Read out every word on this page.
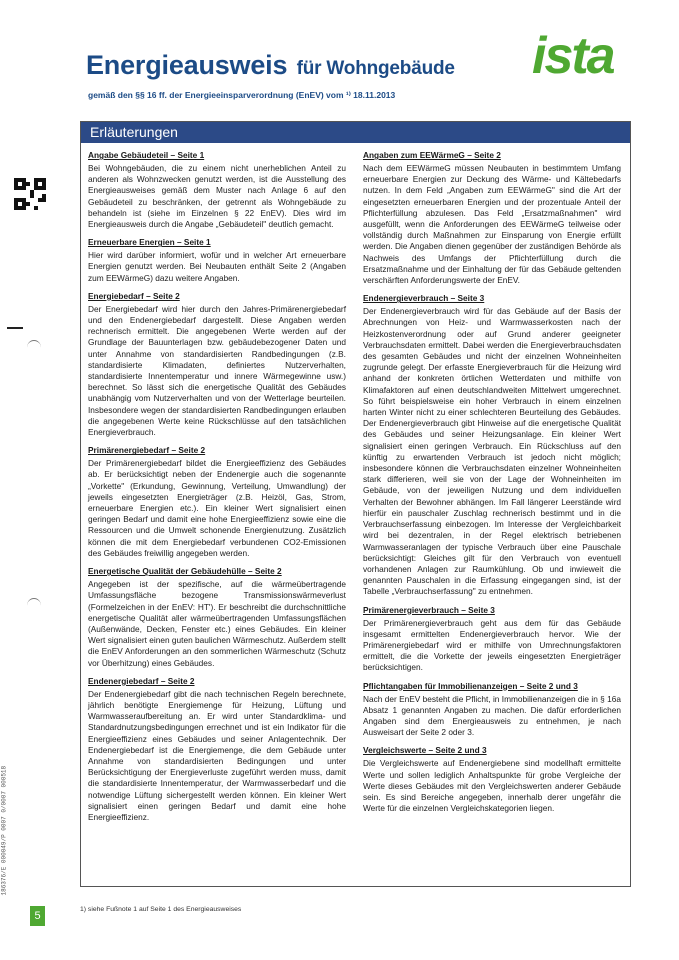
Energieausweis für Wohngebäude
gemäß den §§ 16 ff. der Energieeinsparverordnung (EnEV) vom ¹⁾ 18.11.2013
ista
186376/E 000049/P 0007 0/0007 000518
Erläuterungen
Angabe Gebäudeteil – Seite 1
Bei Wohngebäuden, die zu einem nicht unerheblichen Anteil zu anderen als Wohnzwecken genutzt werden, ist die Ausstellung des Energieausweises gemäß dem Muster nach Anlage 6 auf den Gebäudeteil zu beschränken, der getrennt als Wohngebäude zu behandeln ist (siehe im Einzelnen § 22 EnEV). Dies wird im Energieausweis durch die Angabe „Gebäudeteil" deutlich gemacht.
Erneuerbare Energien – Seite 1
Hier wird darüber informiert, wofür und in welcher Art erneuerbare Energien genutzt werden. Bei Neubauten enthält Seite 2 (Angaben zum EEWärmeG) dazu weitere Angaben.
Energiebedarf – Seite 2
Der Energiebedarf wird hier durch den Jahres-Primärenergiebedarf und den Endenergiebedarf dargestellt. Diese Angaben werden rechnerisch ermittelt. Die angegebenen Werte werden auf der Grundlage der Bauunterlagen bzw. gebäudebezogener Daten und unter Annahme von standardisierten Randbedingungen (z.B. standardisierte Klimadaten, definiertes Nutzerverhalten, standardisierte Innentemperatur und innere Wärmegewinne usw.) berechnet. So lässt sich die energetische Qualität des Gebäudes unabhängig vom Nutzerverhalten und von der Wetterlage beurteilen. Insbesondere wegen der standardisierten Randbedingungen erlauben die angegebenen Werte keine Rückschlüsse auf den tatsächlichen Energieverbrauch.
Primärenergiebedarf – Seite 2
Der Primärenergiebedarf bildet die Energieeffizienz des Gebäudes ab. Er berücksichtigt neben der Endenergie auch die sogenannte „Vorkette" (Erkundung, Gewinnung, Verteilung, Umwandlung) der jeweils eingesetzten Energieträger (z.B. Heizöl, Gas, Strom, erneuerbare Energien etc.). Ein kleiner Wert signalisiert einen geringen Bedarf und damit eine hohe Energieeffizienz sowie eine die Ressourcen und die Umwelt schonende Energienutzung. Zusätzlich können die mit dem Energiebedarf verbundenen CO2-Emissionen des Gebäudes freiwillig angegeben werden.
Energetische Qualität der Gebäudehülle – Seite 2
Angegeben ist der spezifische, auf die wärmeübertragende Umfassungsfläche bezogene Transmissionswärmeverlust (Formelzeichen in der EnEV: HT'). Er beschreibt die durchschnittliche energetische Qualität aller wärmeübertragenden Umfassungsflächen (Außenwände, Decken, Fenster etc.) eines Gebäudes. Ein kleiner Wert signalisiert einen guten baulichen Wärmeschutz. Außerdem stellt die EnEV Anforderungen an den sommerlichen Wärmeschutz (Schutz vor Überhitzung) eines Gebäudes.
Endenergiebedarf – Seite 2
Der Endenergiebedarf gibt die nach technischen Regeln berechnete, jährlich benötigte Energiemenge für Heizung, Lüftung und Warmwasseraufbereitung an. Er wird unter Standardklima- und Standardnutzungsbedingungen errechnet und ist ein Indikator für die Energieeffizienz eines Gebäudes und seiner Anlagentechnik. Der Endenergiebedarf ist die Energiemenge, die dem Gebäude unter Annahme von standardisierten Bedingungen und unter Berücksichtigung der Energieverluste zugeführt werden muss, damit die standardisierte Innentemperatur, der Warmwasserbedarf und die notwendige Lüftung sichergestellt werden können. Ein kleiner Wert signalisiert einen geringen Bedarf und damit eine hohe Energieeffizienz.
Angaben zum EEWärmeG – Seite 2
Nach dem EEWärmeG müssen Neubauten in bestimmtem Umfang erneuerbare Energien zur Deckung des Wärme- und Kältebedarfs nutzen. In dem Feld „Angaben zum EEWärmeG" sind die Art der eingesetzten erneuerbaren Energien und der prozentuale Anteil der Pflichterfüllung abzulesen. Das Feld „Ersatzmaßnahmen" wird ausgefüllt, wenn die Anforderungen des EEWärmeG teilweise oder vollständig durch Maßnahmen zur Einsparung von Energie erfüllt werden. Die Angaben dienen gegenüber der zuständigen Behörde als Nachweis des Umfangs der Pflichterfüllung durch die Ersatzmaßnahme und der Einhaltung der für das Gebäude geltenden verschärften Anforderungswerte der EnEV.
Endenergieverbrauch – Seite 3
Der Endenergieverbrauch wird für das Gebäude auf der Basis der Abrechnungen von Heiz- und Warmwasserkosten nach der Heizkostenverordnung oder auf Grund anderer geeigneter Verbrauchsdaten ermittelt. Dabei werden die Energieverbrauchsdaten des gesamten Gebäudes und nicht der einzelnen Wohneinheiten zugrunde gelegt. Der erfasste Energieverbrauch für die Heizung wird anhand der konkreten örtlichen Wetterdaten und mithilfe von Klimafaktoren auf einen deutschlandweiten Mittelwert umgerechnet. So führt beispielsweise ein hoher Verbrauch in einem einzelnen harten Winter nicht zu einer schlechteren Beurteilung des Gebäudes. Der Endenergieverbrauch gibt Hinweise auf die energetische Qualität des Gebäudes und seiner Heizungsanlage. Ein kleiner Wert signalisiert einen geringen Verbrauch. Ein Rückschluss auf den künftig zu erwartenden Verbrauch ist jedoch nicht möglich; insbesondere können die Verbrauchsdaten einzelner Wohneinheiten stark differieren, weil sie von der Lage der Wohneinheiten im Gebäude, von der jeweiligen Nutzung und dem individuellen Verhalten der Bewohner abhängen. Im Fall längerer Leerstände wird hierfür ein pauschaler Zuschlag rechnerisch bestimmt und in die Verbrauchserfassung einbezogen. Im Interesse der Vergleichbarkeit wird bei dezentralen, in der Regel elektrisch betriebenen Warmwasseranlagen der typische Verbrauch über eine Pauschale berücksichtigt: Gleiches gilt für den Verbrauch von eventuell vorhandenen Anlagen zur Raumkühlung. Ob und inwieweit die genannten Pauschalen in die Erfassung eingegangen sind, ist der Tabelle „Verbrauchserfassung" zu entnehmen.
Primärenergieverbrauch – Seite 3
Der Primärenergieverbrauch geht aus dem für das Gebäude insgesamt ermittelten Endenergieverbrauch hervor. Wie der Primärenergiebedarf wird er mithilfe von Umrechnungsfaktoren ermittelt, die die Vorkette der jeweils eingesetzten Energieträger berücksichtigen.
Pflichtangaben für Immobilienanzeigen – Seite 2 und 3
Nach der EnEV besteht die Pflicht, in Immobilienanzeigen die in § 16a Absatz 1 genannten Angaben zu machen. Die dafür erforderlichen Angaben sind dem Energieausweis zu entnehmen, je nach Ausweisart der Seite 2 oder 3.
Vergleichswerte – Seite 2 und 3
Die Vergleichswerte auf Endenergiebene sind modellhaft ermittelte Werte und sollen lediglich Anhaltspunkte für grobe Vergleiche der Werte dieses Gebäudes mit den Vergleichswerten anderer Gebäude sein. Es sind Bereiche angegeben, innerhalb derer ungefähr die Werte für die einzelnen Vergleichskategorien liegen.
5
1) siehe Fußnote 1 auf Seite 1 des Energieausweises
